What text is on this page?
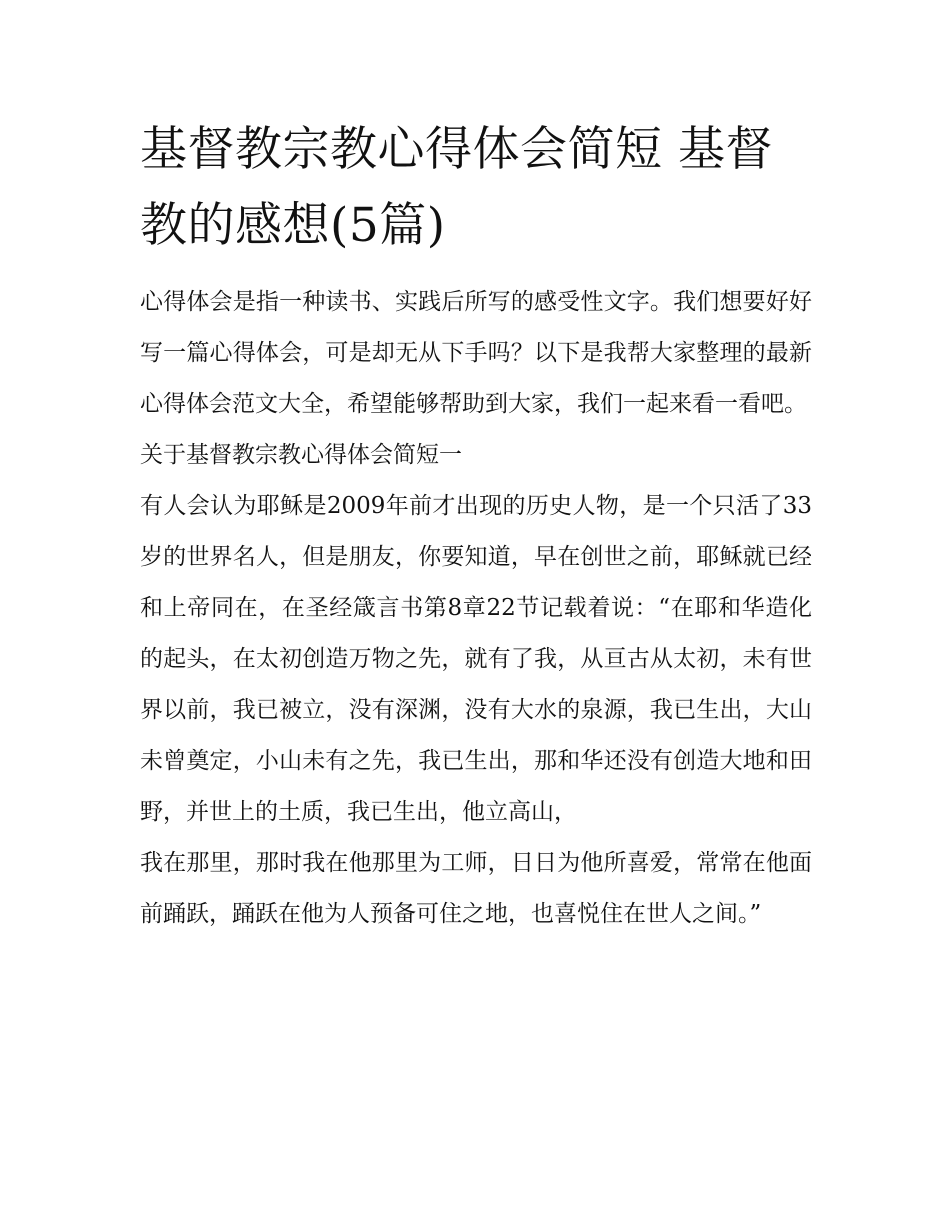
基督教宗教心得体会简短 基督教的感想(5篇)

心得体会是指一种读书、实践后所写的感受性文字。我们想要好好写一篇心得体会，可是却无从下手吗？以下是我帮大家整理的最新心得体会范文大全，希望能够帮助到大家，我们一起来看一看吧。

关于基督教宗教心得体会简短一

有人会认为耶稣是2009年前才出现的历史人物，是一个只活了33岁的世界名人，但是朋友，你要知道，早在创世之前，耶稣就已经和上帝同在，在圣经箴言书第8章22节记载着说：“在耶和华造化的起头，在太初创造万物之先，就有了我，从亘古从太初，未有世界以前，我已被立，没有深渊，没有大水的泉源，我已生出，大山未曾奠定，小山未有之先，我已生出，那和华还没有创造大地和田野，并世上的土质，我已生出，他立高山，

我在那里，那时我在他那里为工师，日日为他所喜爱，常常在他面前踊跃，踊跃在他为人预备可住之地，也喜悦住在世人之间。”
